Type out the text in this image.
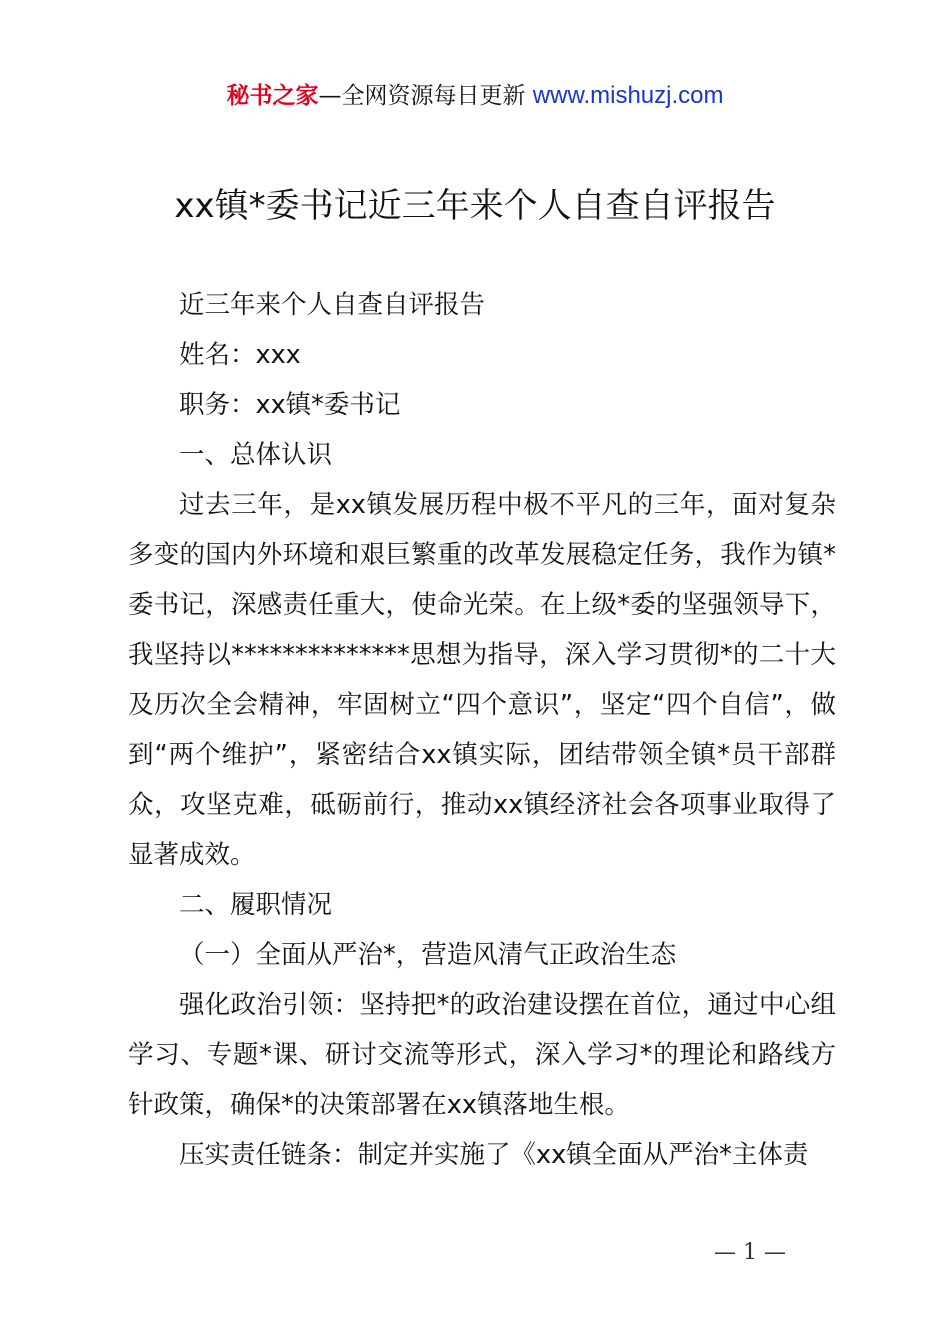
秘书之家—全网资源每日更新 www.mishuzj.com
xx镇*委书记近三年来个人自查自评报告

近三年来个人自查自评报告

姓名：xxx

职务：xx镇*委书记

一、总体认识

过去三年，是xx镇发展历程中极不平凡的三年，面对复杂多变的国内外环境和艰巨繁重的改革发展稳定任务，我作为镇*委书记，深感责任重大，使命光荣。在上级*委的坚强领导下，我坚持以**************思想为指导，深入学习贯彻*的二十大及历次全会精神，牢固树立“四个意识”，坚定“四个自信”，做到“两个维护”，紧密结合xx镇实际，团结带领全镇*员干部群众，攻坚克难，砥砺前行，推动xx镇经济社会各项事业取得了显著成效。

二、履职情况

（一）全面从严治*，营造风清气正政治生态

强化政治引领：坚持把*的政治建设摆在首位，通过中心组学习、专题*课、研讨交流等形式，深入学习*的理论和路线方针政策，确保*的决策部署在xx镇落地生根。

压实责任链条：制定并实施了《xx镇全面从严治*主体责

— 1 —
